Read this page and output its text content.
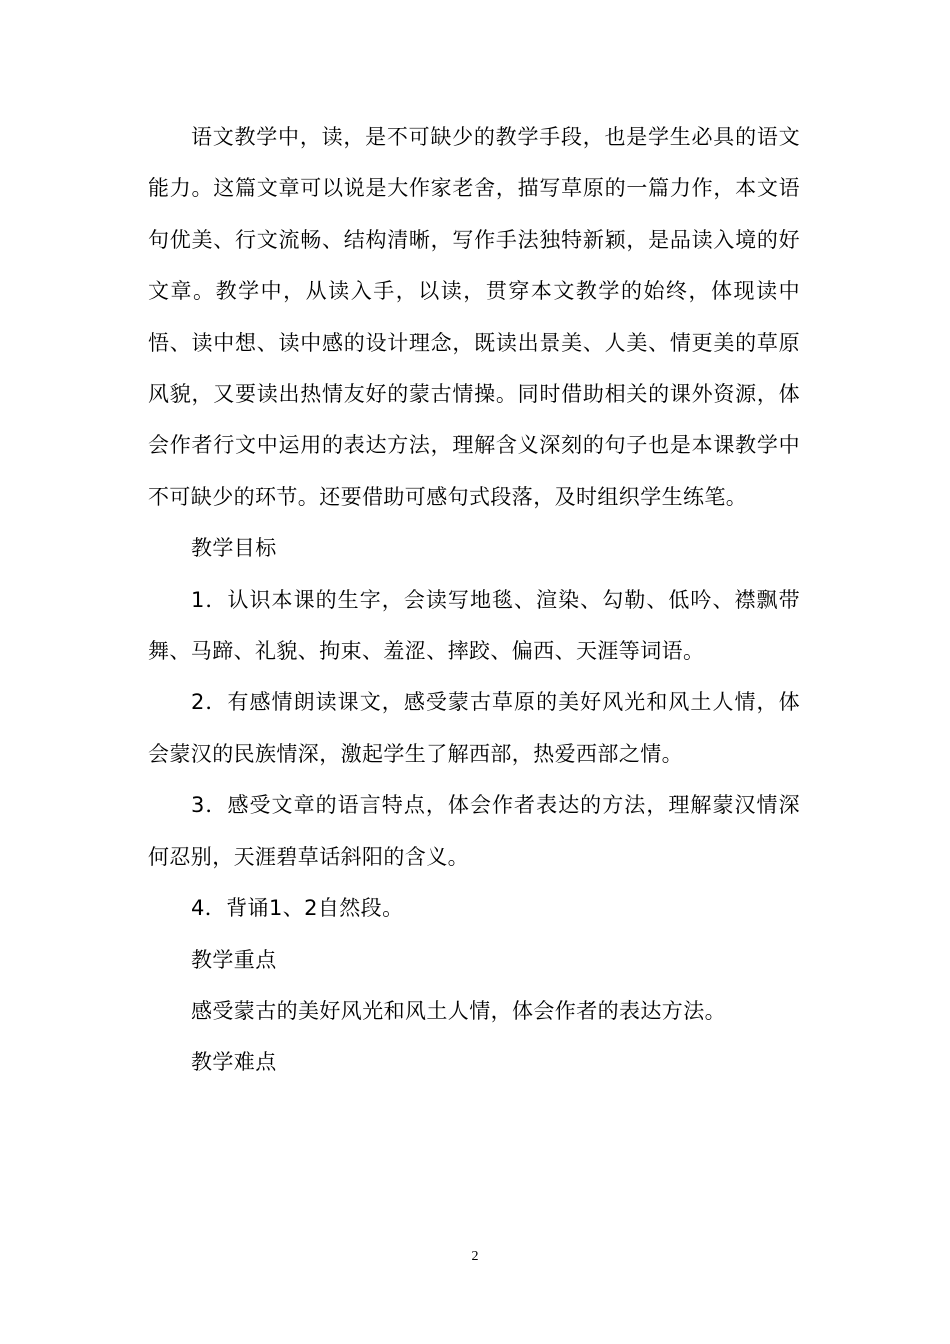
语文教学中，读，是不可缺少的教学手段，也是学生必具的语文能力。这篇文章可以说是大作家老舍，描写草原的一篇力作，本文语句优美、行文流畅、结构清晰，写作手法独特新颖，是品读入境的好文章。教学中，从读入手，以读，贯穿本文教学的始终，体现读中悟、读中想、读中感的设计理念，既读出景美、人美、情更美的草原风貌，又要读出热情友好的蒙古情操。同时借助相关的课外资源，体会作者行文中运用的表达方法，理解含义深刻的句子也是本课教学中不可缺少的环节。还要借助可感句式段落，及时组织学生练笔。

教学目标

1．认识本课的生字，会读写地毯、渲染、勾勒、低吟、襟飘带舞、马蹄、礼貌、拘束、羞涩、摔跤、偏西、天涯等词语。

2．有感情朗读课文，感受蒙古草原的美好风光和风土人情，体会蒙汉的民族情深，激起学生了解西部，热爱西部之情。

3．感受文章的语言特点，体会作者表达的方法，理解蒙汉情深何忍别，天涯碧草话斜阳的含义。

4．背诵1、2自然段。

教学重点

感受蒙古的美好风光和风土人情，体会作者的表达方法。

教学难点

2
